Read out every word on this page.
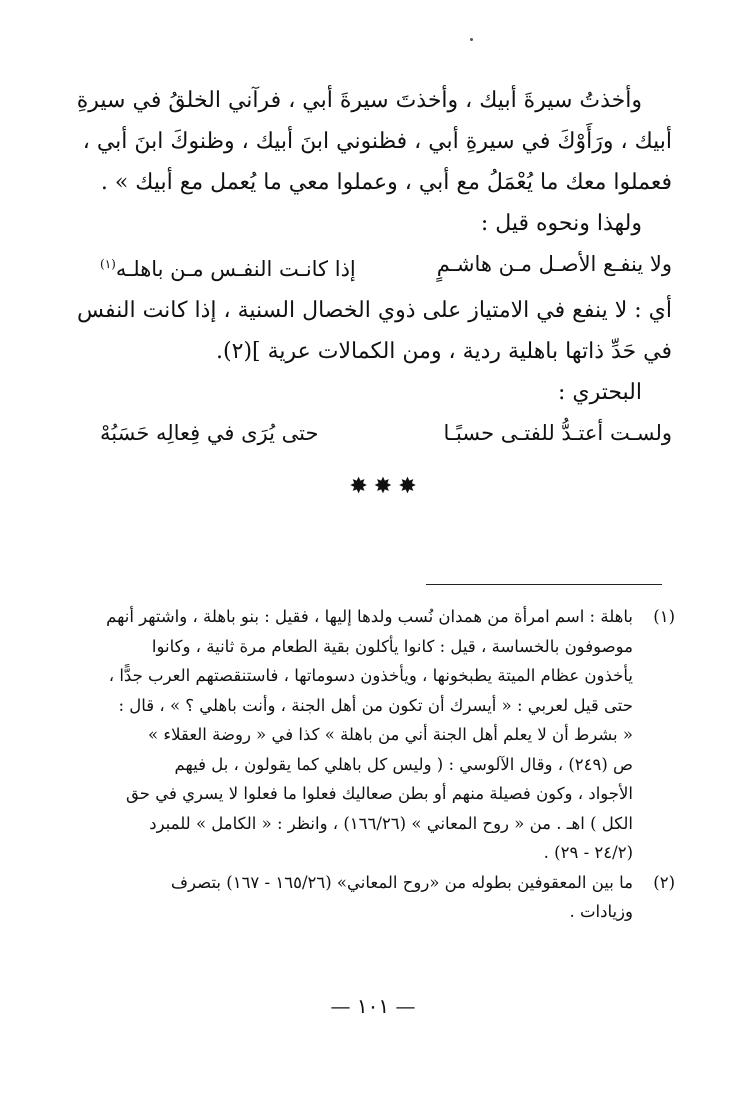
وأخذتُ سيرةَ أبيك ، وأخذتَ سيرةَ أبي ، فرآني الخلقُ في سيرةِ
أبيك ، ورَأَوْكَ في سيرةِ أبي ، فظنوني ابنَ أبيك ، وظنوكَ ابنَ أبي ،
فعملوا معك ما يُعْمَلُ مع أبي ، وعملوا معي ما يُعمل مع أبيك » .

ولهذا ونحوه قيل :

ولا ينفـع الأصـل مـن هاشـمٍ
إذا كانـت النفـس مـن باهلـه$^{(١)}$

أي : لا ينفع في الامتياز على ذوي الخصال السنية ، إذا كانت النفس
في حَدِّ ذاتها باهلية ردية ، ومن الكمالات عرية ](٢).

البحتري :

ولسـت أعتـدُّ للفتـى حسبًـا
حتى يُرَى في فِعالِه حَسَبُهْ
✸✸✸
(١)
باهلة : اسم امرأة من همدان نُسب ولدها إليها ، فقيل : بنو باهلة ، واشتهر أنهم
موصوفون بالخساسة ، قيل : كانوا يأكلون بقية الطعام مرة ثانية ، وكانوا
يأخذون عظام الميتة يطبخونها ، ويأخذون دسوماتها ، فاستنقصتهم العرب جدًّا ،
حتى قيل لعربي : « أيسرك أن تكون من أهل الجنة ، وأنت باهلي ؟ » ، قال :
« بشرط أن لا يعلم أهل الجنة أني من باهلة » كذا في « روضة العقلاء »
ص (٢٤٩) ، وقال الآلوسي : ( وليس كل باهلي كما يقولون ، بل فيهم
الأجواد ، وكون فصيلة منهم أو بطن صعاليك فعلوا ما فعلوا لا يسري في حق
الكل ) اهـ . من « روح المعاني » (١٦٦/٢٦) ، وانظر : « الكامل » للمبرد
(٢٤/٢ - ٢٩) .
(٢)
ما بين المعقوفين بطوله من «روح المعاني» (١٦٥/٢٦ - ١٦٧) بتصرف
وزيادات .
— ١٠١ —
